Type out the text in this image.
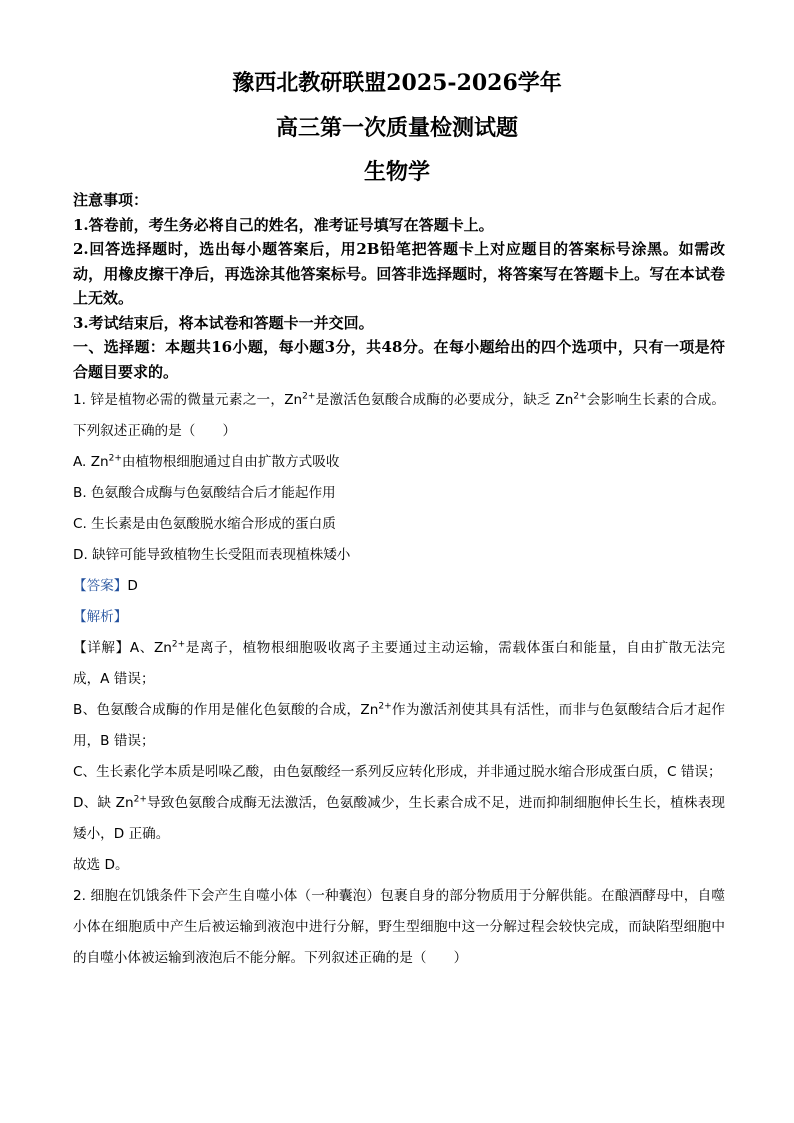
豫西北教研联盟2025-2026学年
高三第一次质量检测试题
生物学
注意事项：
1.答卷前，考生务必将自己的姓名，准考证号填写在答题卡上。
2.回答选择题时，选出每小题答案后，用2B铅笔把答题卡上对应题目的答案标号涂黑。如需改动，用橡皮擦干净后，再选涂其他答案标号。回答非选择题时，将答案写在答题卡上。写在本试卷上无效。
3.考试结束后，将本试卷和答题卡一并交回。
一、选择题：本题共16小题，每小题3分，共48分。在每小题给出的四个选项中，只有一项是符合题目要求的。
1. 锌是植物必需的微量元素之一，$Zn^{2+}$是激活色氨酸合成酶的必要成分，缺乏 $Zn^{2+}$会影响生长素的合成。下列叙述正确的是（　　）
A. $Zn^{2+}$由植物根细胞通过自由扩散方式吸收
B. 色氨酸合成酶与色氨酸结合后才能起作用
C. 生长素是由色氨酸脱水缩合形成的蛋白质
D. 缺锌可能导致植物生长受阻而表现植株矮小
【答案】D
【解析】
【详解】A、$Zn^{2+}$是离子，植物根细胞吸收离子主要通过主动运输，需载体蛋白和能量，自由扩散无法完成，A 错误；
B、色氨酸合成酶的作用是催化色氨酸的合成，$Zn^{2+}$作为激活剂使其具有活性，而非与色氨酸结合后才起作用，B 错误；
C、生长素化学本质是吲哚乙酸，由色氨酸经一系列反应转化形成，并非通过脱水缩合形成蛋白质，C 错误；
D、缺 $Zn^{2+}$导致色氨酸合成酶无法激活，色氨酸减少，生长素合成不足，进而抑制细胞伸长生长，植株表现矮小，D 正确。
故选 D。
2. 细胞在饥饿条件下会产生自噬小体（一种囊泡）包裹自身的部分物质用于分解供能。在酿酒酵母中，自噬小体在细胞质中产生后被运输到液泡中进行分解，野生型细胞中这一分解过程会较快完成，而缺陷型细胞中的自噬小体被运输到液泡后不能分解。下列叙述正确的是（　　）
